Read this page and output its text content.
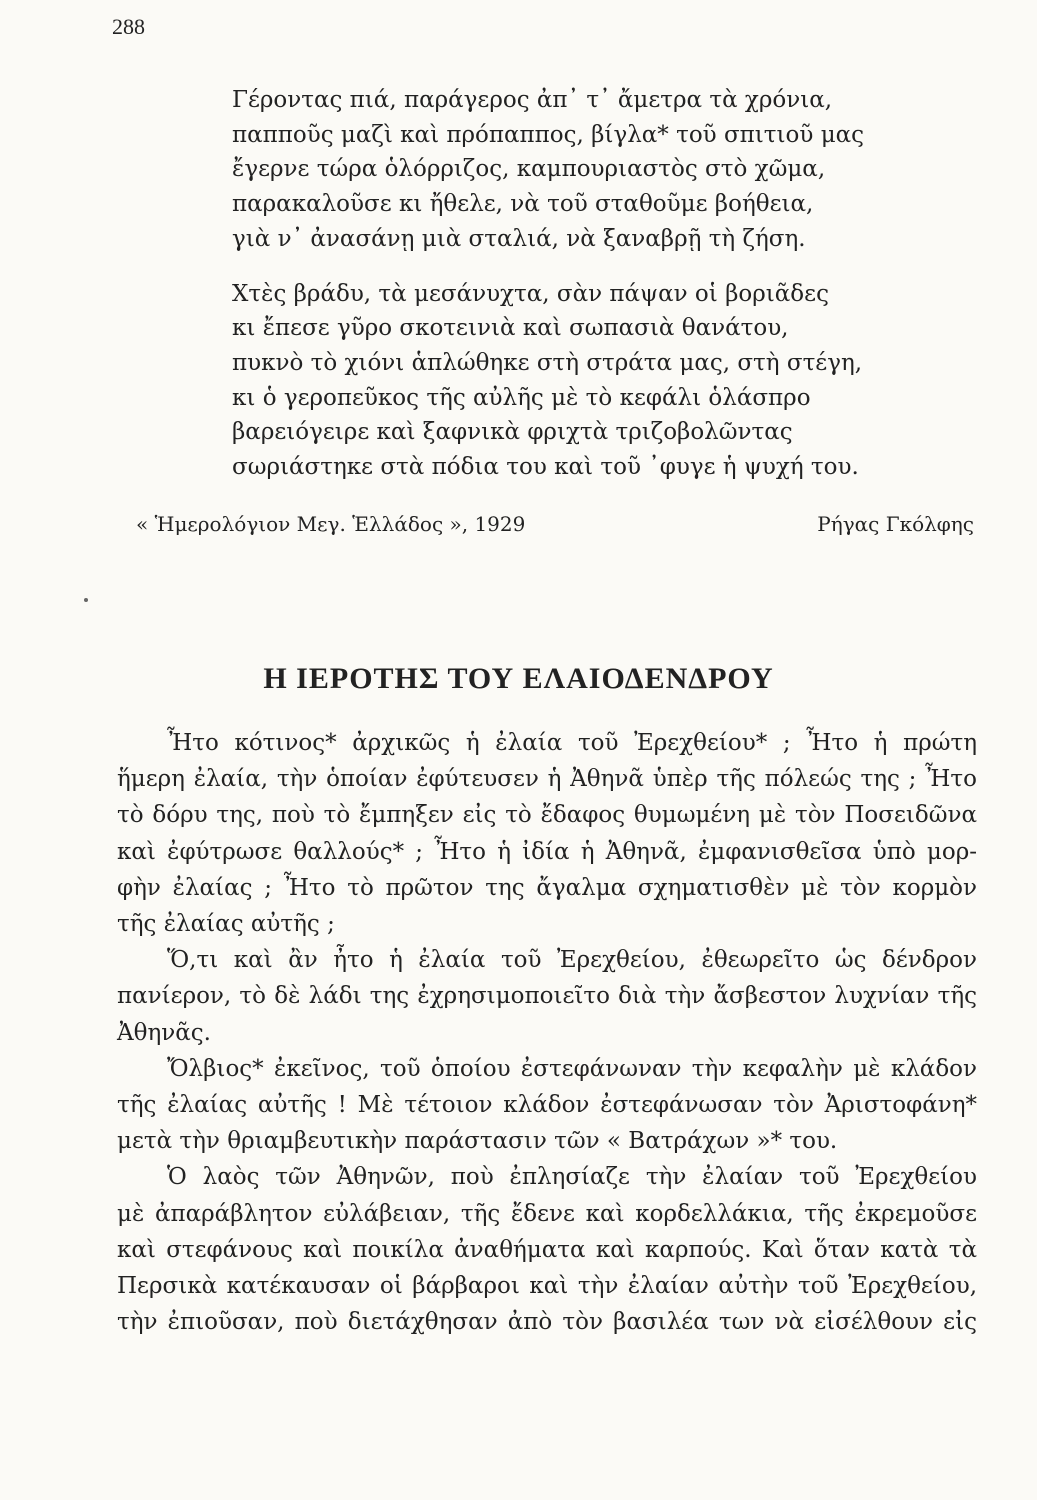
288
Γέροντας πιά, παράγερος ἀπ᾽ τ᾽ ἄμετρα τὰ χρόνια,
παπποῦς μαζὶ καὶ πρόπαππος, βίγλα* τοῦ σπιτιοῦ μας
ἔγερνε τώρα ὁλόρριζος, καμπουριαστὸς στὸ χῶμα,
παρακαλοῦσε κι ἤθελε, νὰ τοῦ σταθοῦμε βοήθεια,
γιὰ ν᾽ ἀνασάνῃ μιὰ σταλιά, νὰ ξαναβρῇ τὴ ζήση.
Χτὲς βράδυ, τὰ μεσάνυχτα, σὰν πάψαν οἱ βοριᾶδες
κι ἔπεσε γῦρο σκοτεινιὰ καὶ σωπασιὰ θανάτου,
πυκνὸ τὸ χιόνι ἁπλώθηκε στὴ στράτα μας, στὴ στέγη,
κι ὁ γεροπεῦκος τῆς αὐλῆς μὲ τὸ κεφάλι ὁλάσπρο
βαρειόγειρε καὶ ξαφνικὰ φριχτὰ τριζοβολῶντας
σωριάστηκε στὰ πόδια του καὶ τοῦ ᾽φυγε ἡ ψυχή του.
« Ἡμερολόγιον Μεγ. Ἑλλάδος », 1929	Ρήγας Γκόλφης
Η ΙΕΡΟΤΗΣ ΤΟΥ ΕΛΑΙΟΔΕΝΔΡΟΥ

Ἦτο κότινος* ἀρχικῶς ἡ ἐλαία τοῦ Ἐρεχθείου* ; Ἦτο ἡ πρώτη
ἥμερη ἐλαία, τὴν ὁποίαν ἐφύτευσεν ἡ Ἀθηνᾶ ὑπὲρ τῆς πόλεώς της ; Ἦτο
τὸ δόρυ της, ποὺ τὸ ἔμπηξεν εἰς τὸ ἔδαφος θυμωμένη μὲ τὸν Ποσειδῶνα
καὶ ἐφύτρωσε θαλλούς* ; Ἦτο ἡ ἰδία ἡ Ἀθηνᾶ, ἐμφανισθεῖσα ὑπὸ μορ-
φὴν ἐλαίας ; Ἦτο τὸ πρῶτον της ἄγαλμα σχηματισθὲν μὲ τὸν κορμὸν
τῆς ἐλαίας αὐτῆς ;

Ὅ,τι καὶ ἂν ἦτο ἡ ἐλαία τοῦ Ἐρεχθείου, ἐθεωρεῖτο ὡς δένδρον
πανίερον, τὸ δὲ λάδι της ἐχρησιμοποιεῖτο διὰ τὴν ἄσβεστον λυχνίαν τῆς
Ἀθηνᾶς.

Ὄλβιος* ἐκεῖνος, τοῦ ὁποίου ἐστεφάνωναν τὴν κεφαλὴν μὲ κλάδον
τῆς ἐλαίας αὐτῆς ! Μὲ τέτοιον κλάδον ἐστεφάνωσαν τὸν Ἀριστοφάνη*
μετὰ τὴν θριαμβευτικὴν παράστασιν τῶν « Βατράχων »* του.

Ὁ λαὸς τῶν Ἀθηνῶν, ποὺ ἐπλησίαζε τὴν ἐλαίαν τοῦ Ἐρεχθείου
μὲ ἀπαράβλητον εὐλάβειαν, τῆς ἔδενε καὶ κορδελλάκια, τῆς ἐκρεμοῦσε
καὶ στεφάνους καὶ ποικίλα ἀναθήματα καὶ καρπούς. Καὶ ὅταν κατὰ τὰ
Περσικὰ κατέκαυσαν οἱ βάρβαροι καὶ τὴν ἐλαίαν αὐτὴν τοῦ Ἐρεχθείου,
τὴν ἐπιοῦσαν, ποὺ διετάχθησαν ἀπὸ τὸν βασιλέα των νὰ εἰσέλθουν εἰς
